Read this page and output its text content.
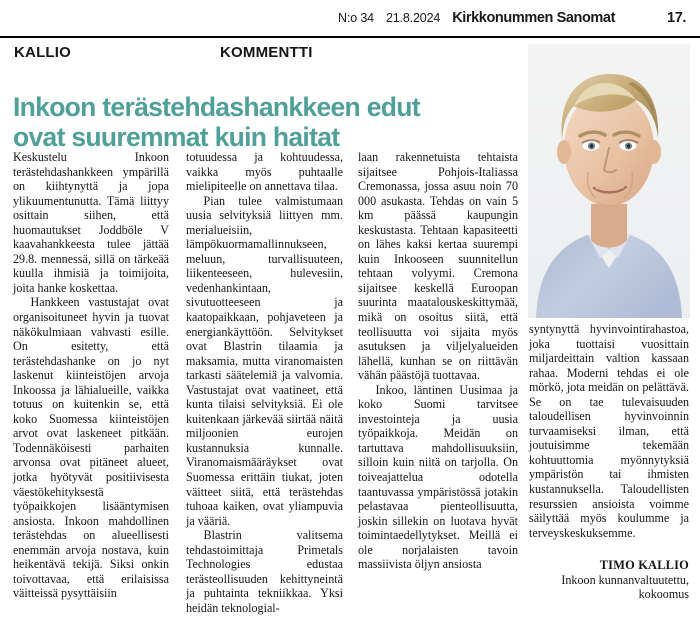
N:o 34 21.8.2024 Kirkkonummen Sanomat	17.
KALLIO	KOMMENTTI
Inkoon terästehdashankkeen edut
ovat suuremmat kuin haitat

Keskustelu Inkoon terästehdashankkeen ympärillä on kiihtynyttä ja jopa ylikuumentunutta. Tämä liittyy osittain siihen, että huomautukset Joddböle V kaavahankkeesta tulee jättää 29.8. mennessä, sillä on tärkeää kuulla ihmisiä ja toimijoita, joita hanke koskettaa.

Hankkeen vastustajat ovat organisoituneet hyvin ja tuovat näkökulmiaan vahvasti esille. On esitetty, että terästehdashanke on jo nyt laskenut kiinteistöjen arvoja Inkoossa ja lähialueille, vaikka totuus on kuitenkin se, että koko Suomessa kiinteistöjen arvot ovat laskeneet pitkään. Todennäköisesti parhaiten arvonsa ovat pitäneet alueet, jotka hyötyvät positiivisesta väestökehityksestä työpaikkojen lisääntymisen ansiosta. Inkoon mahdollinen terästehdas on alueellisesti enemmän arvoja nostava, kuin heikentävä tekijä. Siksi onkin toivottavaa, että erilaisissa väitteissä pysyttäisiin

totuudessa ja kohtuudessa, vaikka myös puhtaalle mielipiteelle on annettava tilaa.

Pian tulee valmistumaan uusia selvityksiä liittyen mm. merialueisiin, lämpökuormamallinnukseen, meluun, turvallisuuteen, liikenteeseen, hulevesiin, vedenhankintaan, sivutuotteeseen ja kaatopaikkaan, pohjaveteen ja energiankäyttöön. Selvitykset ovat Blastrin tilaamia ja maksamia, mutta viranomaisten tarkasti säätelemiä ja valvomia. Vastustajat ovat vaatineet, että kunta tilaisi selvityksiä. Ei ole kuitenkaan järkevää siirtää näitä miljoonien eurojen kustannuksia kunnalle. Viranomaismääräykset ovat Suomessa erittäin tiukat, joten väitteet siitä, että terästehdas tuhoaa kaiken, ovat yliampuvia ja vääriä.

Blastrin valitsema tehdastoimittaja Primetals Technologies edustaa terästeollisuuden kehittyneintä ja puhtainta tekniikkaa. Yksi heidän teknologial-

laan rakennetuista tehtaista sijaitsee Pohjois-Italiassa Cremonassa, jossa asuu noin 70 000 asukasta. Tehdas on vain 5 km päässä kaupungin keskustasta. Tehtaan kapasiteetti on lähes kaksi kertaa suurempi kuin Inkooseen suunnitellun tehtaan volyymi. Cremona sijaitsee keskellä Euroopan suurinta maatalouskeskittymää, mikä on osoitus siitä, että teollisuutta voi sijaita myös asutuksen ja viljelyalueiden lähellä, kunhan se on riittävän vähän päästöjä tuottavaa.

Inkoo, läntinen Uusimaa ja koko Suomi tarvitsee investointeja ja uusia työpaikkoja. Meidän on tartuttava mahdollisuuksiin, silloin kuin niitä on tarjolla. On toiveajattelua odotella taantuvassa ympäristössä jotakin pelastavaa pienteollisuutta, joskin sillekin on luotava hyvät toimintaedellytykset. Meillä ei ole norjalaisten tavoin massiivista öljyn ansiosta

syntynyttä hyvinvointirahastoa, joka tuottaisi vuosittain miljardeittain valtion kassaan rahaa. Moderni tehdas ei ole mörkö, jota meidän on pelättävä. Se on tae tulevaisuuden taloudellisen hyvinvoinnin turvaamiseksi ilman, että joutuisimme tekemään kohtuuttomia myönnytyksiä ympäristön tai ihmisten kustannuksella. Taloudellisten resurssien ansioista voimme säilyttää myös koulumme ja terveyskeskuksemme.

TIMO KALLIO
Inkoon kunnanvaltuutettu,
kokoomus
